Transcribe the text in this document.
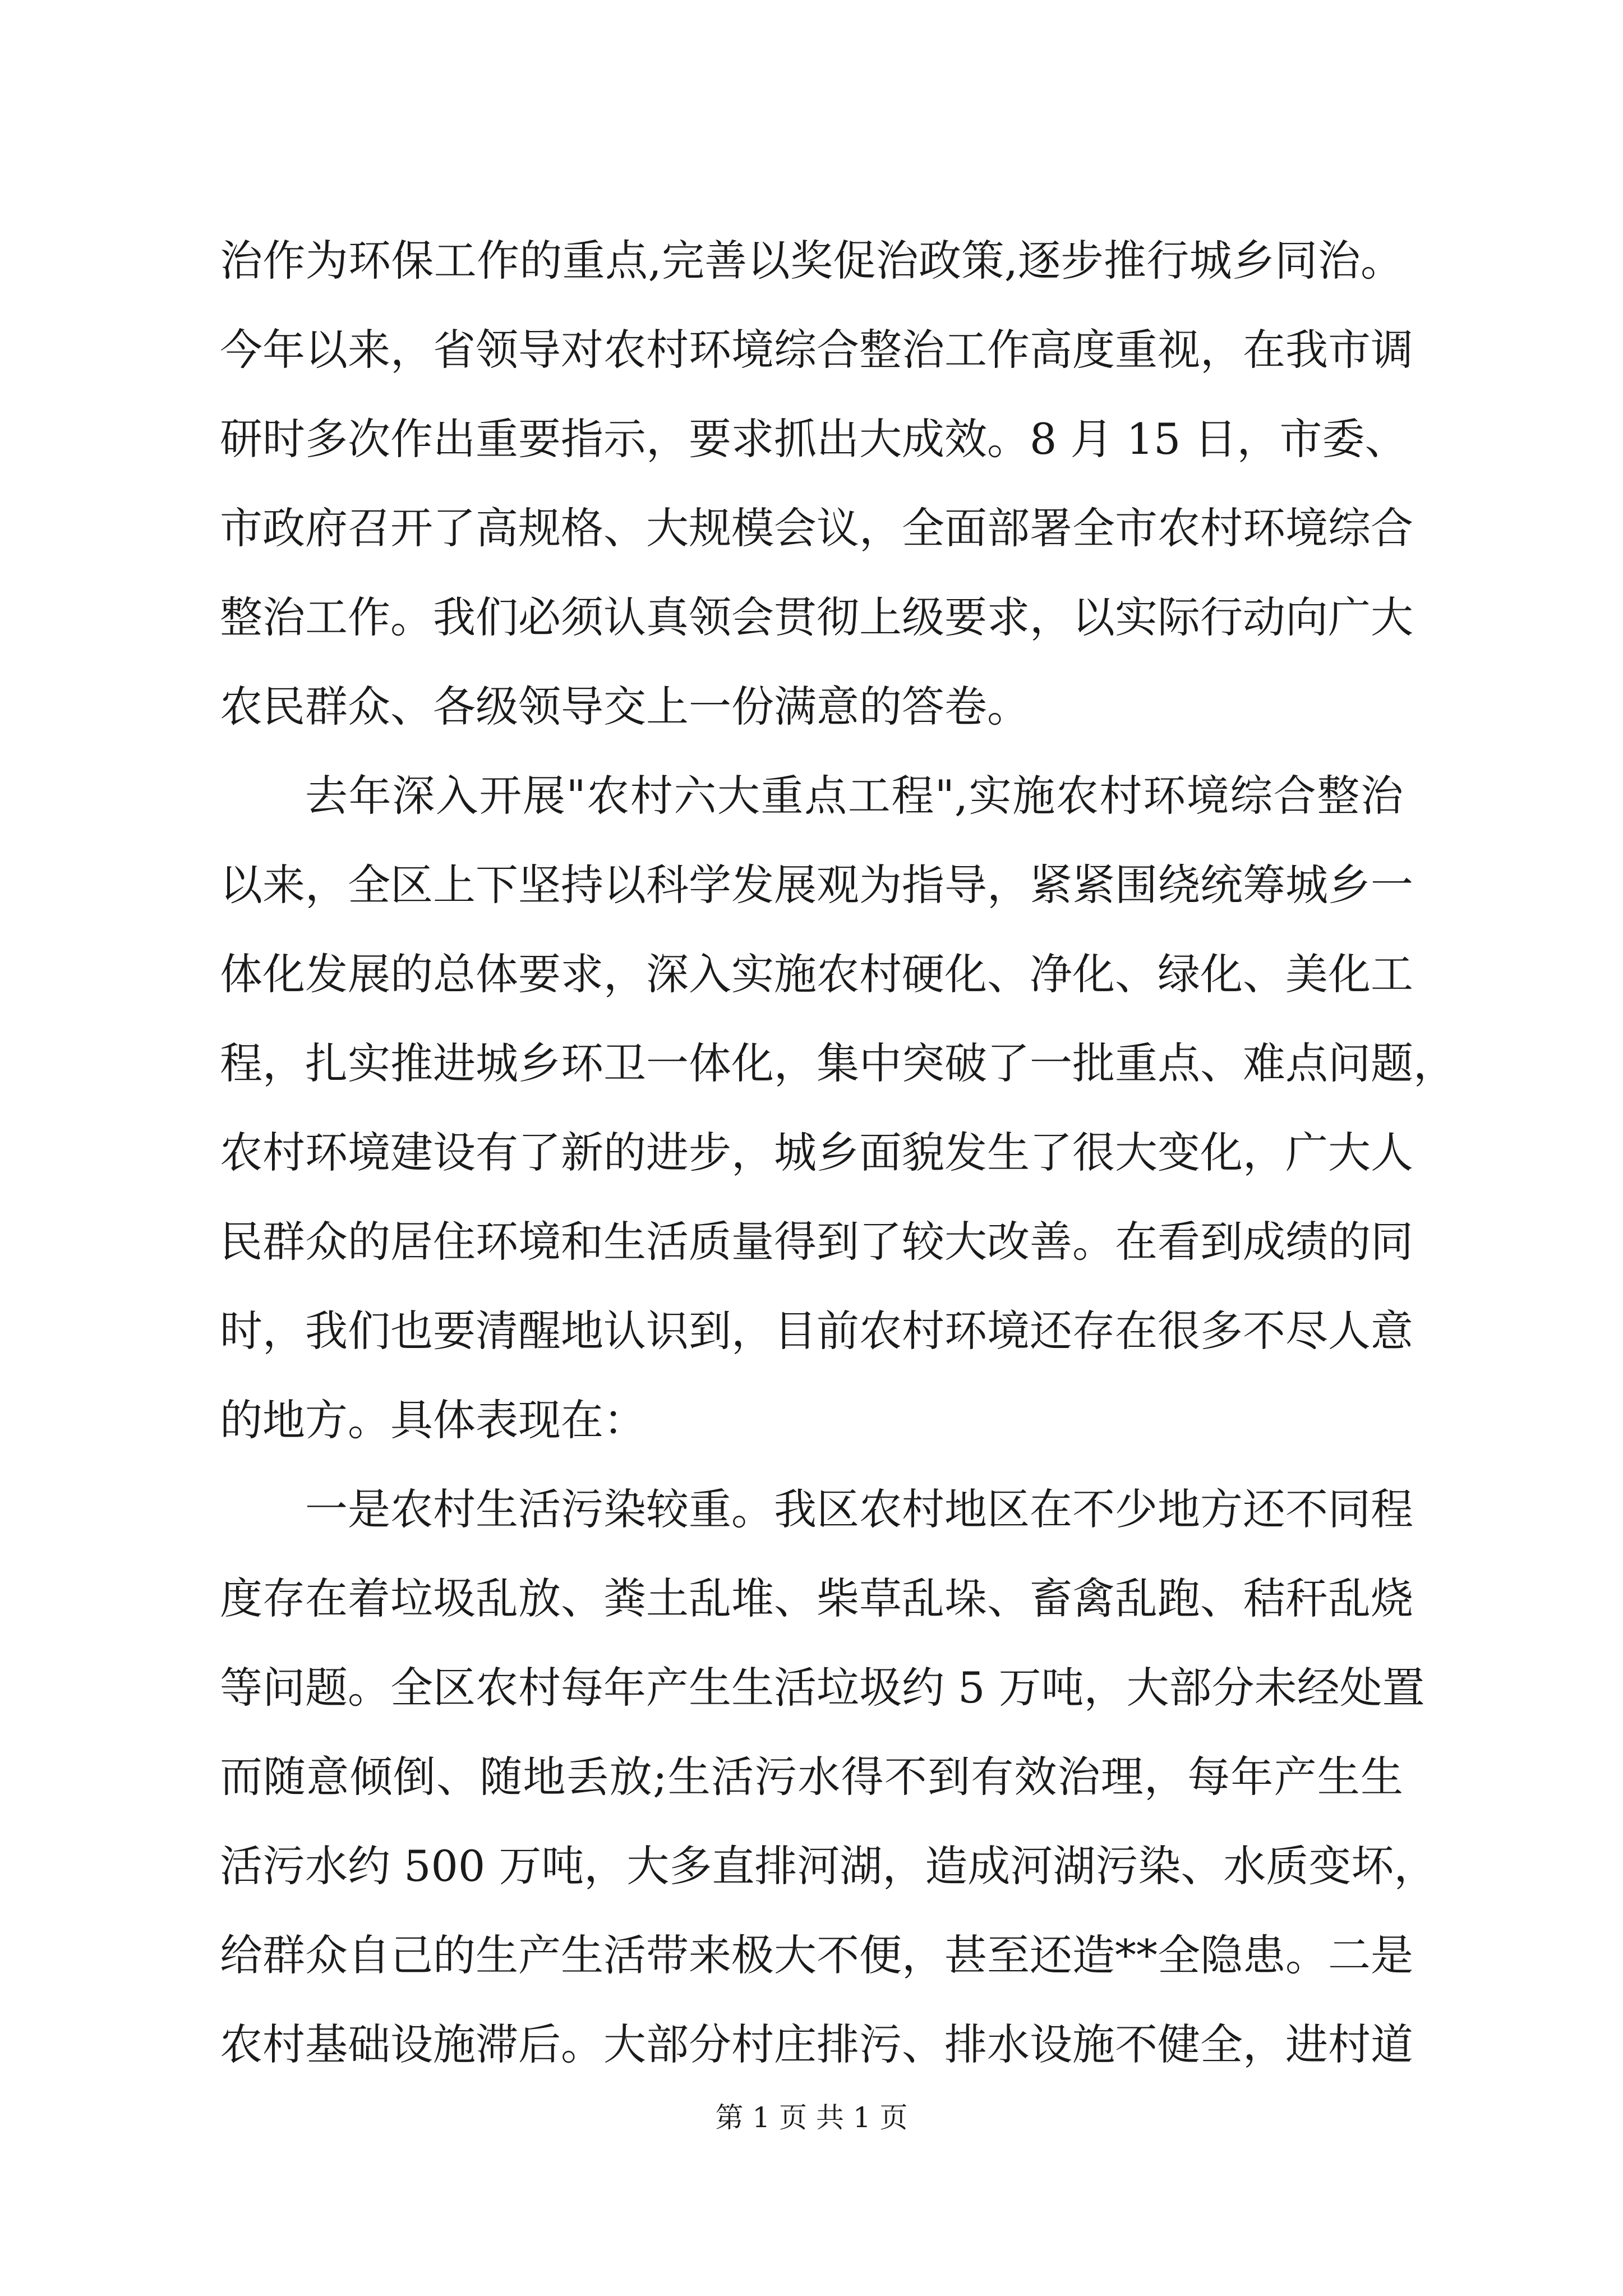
治作为环保工作的重点,完善以奖促治政策,逐步推行城乡同治。
今年以来，省领导对农村环境综合整治工作高度重视，在我市调
研时多次作出重要指示，要求抓出大成效。8 月 15 日，市委、
市政府召开了高规格、大规模会议，全面部署全市农村环境综合
整治工作。我们必须认真领会贯彻上级要求，以实际行动向广大
农民群众、各级领导交上一份满意的答卷。
去年深入开展"农村六大重点工程",实施农村环境综合整治
以来，全区上下坚持以科学发展观为指导，紧紧围绕统筹城乡一
体化发展的总体要求，深入实施农村硬化、净化、绿化、美化工
程，扎实推进城乡环卫一体化，集中突破了一批重点、难点问题，
农村环境建设有了新的进步，城乡面貌发生了很大变化，广大人
民群众的居住环境和生活质量得到了较大改善。在看到成绩的同
时，我们也要清醒地认识到，目前农村环境还存在很多不尽人意
的地方。具体表现在：
一是农村生活污染较重。我区农村地区在不少地方还不同程
度存在着垃圾乱放、粪土乱堆、柴草乱垛、畜禽乱跑、秸秆乱烧
等问题。全区农村每年产生生活垃圾约 5 万吨，大部分未经处置
而随意倾倒、随地丢放;生活污水得不到有效治理，每年产生生
活污水约 500 万吨，大多直排河湖，造成河湖污染、水质变坏，
给群众自己的生产生活带来极大不便，甚至还造**全隐患。二是
农村基础设施滞后。大部分村庄排污、排水设施不健全，进村道
第 1 页 共 1 页
